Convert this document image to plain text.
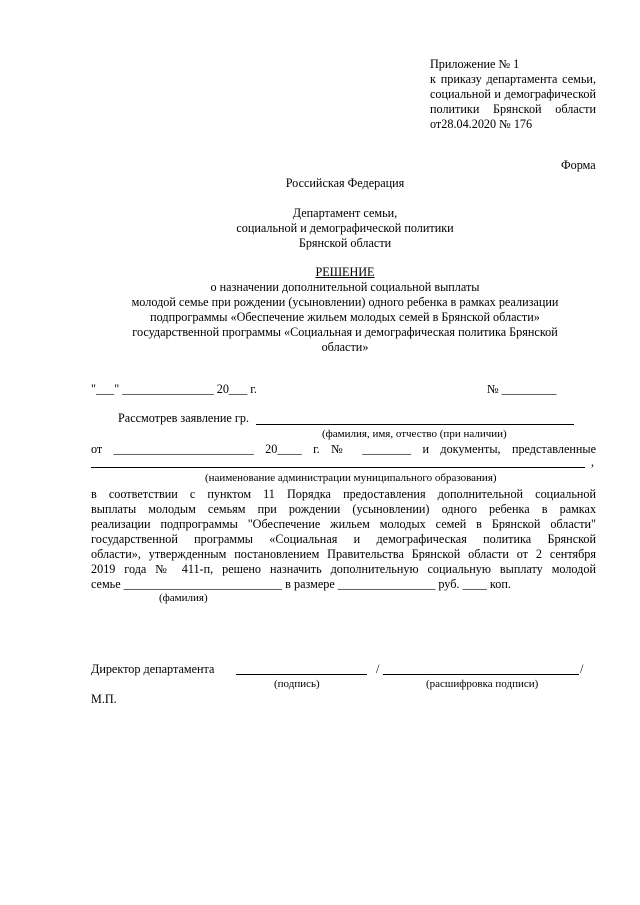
Приложение № 1
к приказу департамента семьи,
социальной и демографической
политики Брянской области
от28.04.2020 № 176
Форма
Российская Федерация
Департамент семьи,
социальной и демографической политики
Брянской области
РЕШЕНИЕ
о назначении дополнительной социальной выплаты
молодой семье при рождении (усыновлении) одного ребенка в рамках реализации
подпрограммы «Обеспечение жильем молодых семей в Брянской области»
государственной программы «Социальная и демографическая политика Брянской
области»
"___" _______________ 20___ г.	№ _________
Рассмотрев заявление гр.
(фамилия, имя, отчество (при наличии)
от _______________________ 20____ г. № ________ и документы, представленные
,
(наименование администрации муниципального образования)
в соответствии с пунктом 11 Порядка предоставления дополнительной социальной
выплаты молодым семьям при рождении (усыновлении) одного ребенка в рамках
реализации подпрограммы "Обеспечение жильем молодых семей в Брянской области"
государственной программы «Социальная и демографическая политика Брянской
области», утвержденным постановлением Правительства Брянской области от 2 сентября
2019 года № 411-п, решено назначить дополнительную социальную выплату молодой
семье __________________________ в размере ________________ руб. ____ коп.
(фамилия)
Директор департамента	/	/
(подпись)	(расшифровка подписи)
М.П.
